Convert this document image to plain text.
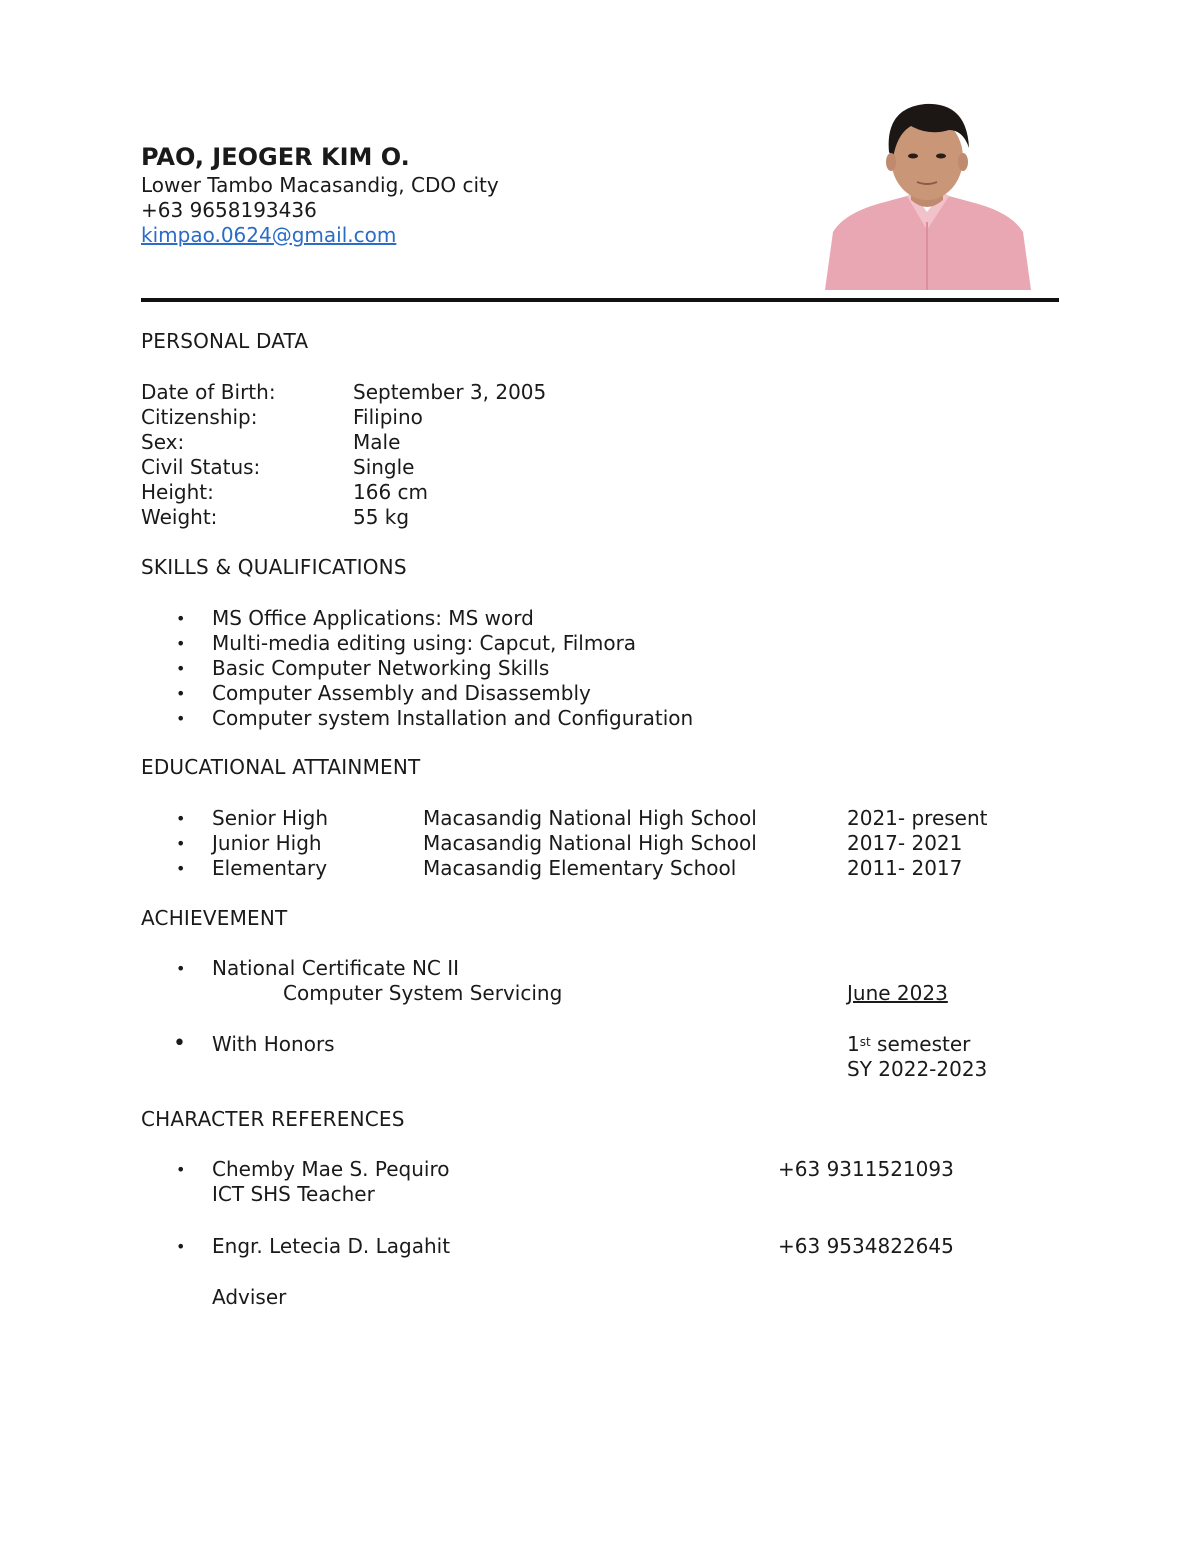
PAO, JEOGER KIM O.
Lower Tambo Macasandig, CDO city
+63 9658193436
kimpao.0624@gmail.com
PERSONAL DATA
Date of Birth:	September 3, 2005
Citizenship:	Filipino
Sex:	Male
Civil Status:	Single
Height:	166 cm
Weight:	55 kg
SKILLS & QUALIFICATIONS
• MS Office Applications: MS word
• Multi-media editing using: Capcut, Filmora
• Basic Computer Networking Skills
• Computer Assembly and Disassembly
• Computer system Installation and Configuration
EDUCATIONAL ATTAINMENT
• Senior High	Macasandig National High School	2021- present
• Junior High	Macasandig National High School	2017- 2021
• Elementary	Macasandig Elementary School	2011- 2017
ACHIEVEMENT
• National Certificate NC II
Computer System Servicing	June 2023
• With Honors	1st semester
SY 2022-2023
CHARACTER REFERENCES
• Chemby Mae S. Pequiro	+63 9311521093
ICT SHS Teacher
• Engr. Letecia D. Lagahit	+63 9534822645
Adviser
